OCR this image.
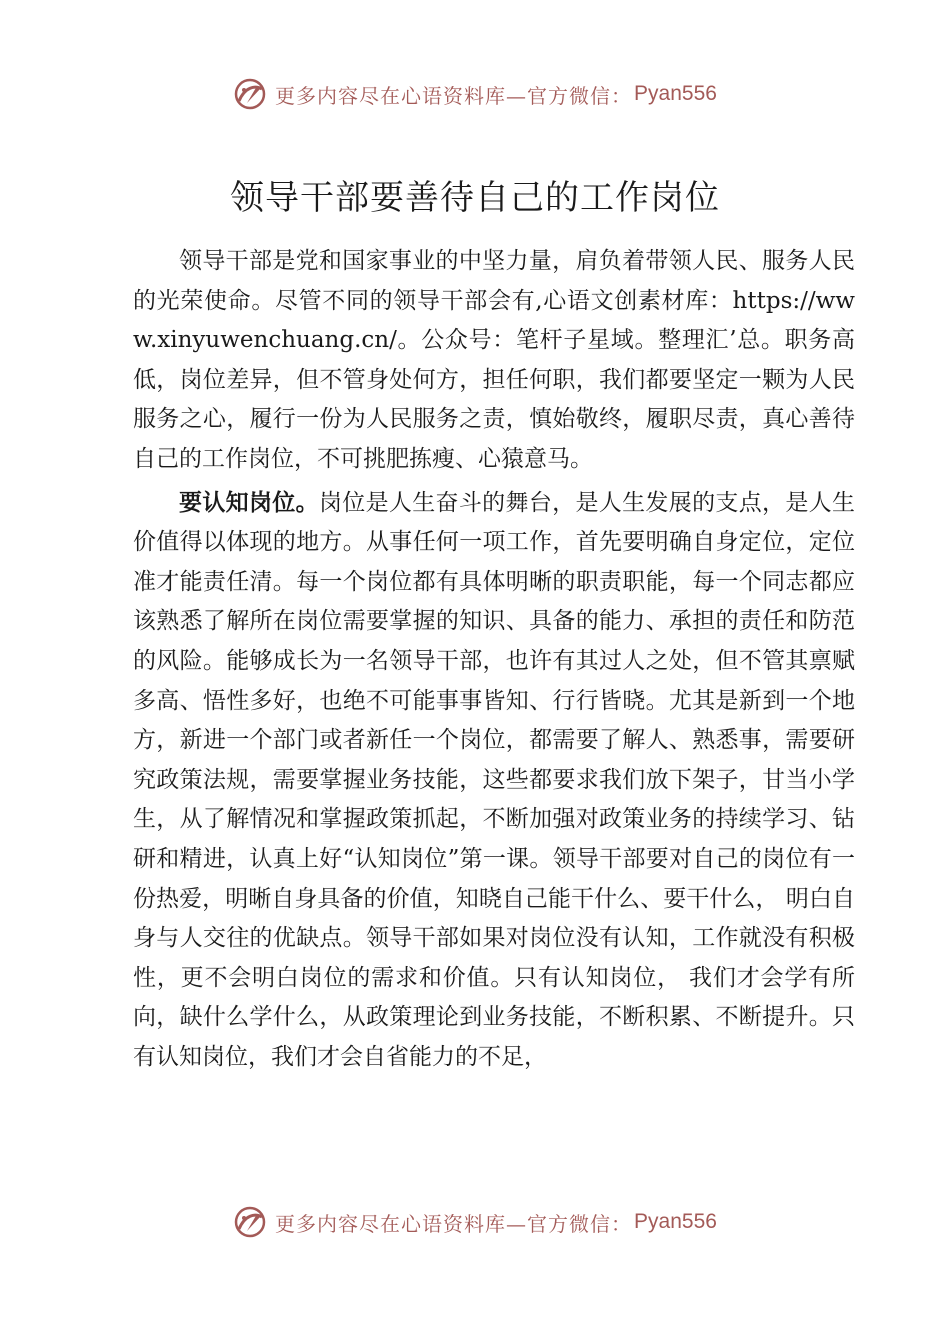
更多内容尽在心语资料库—官方微信： Pyan556
领导干部要善待自己的工作岗位

领导干部是党和国家事业的中坚力量，肩负着带领人民、服务人民的光荣使命。尽管不同的领导干部会有,心语文创素材库：https://www.xinyuwenchuang.cn/。公众号：笔杆子星域。整理汇’总。职务高低，岗位差异，但不管身处何方，担任何职，我们都要坚定一颗为人民服务之心，履行一份为人民服务之责，慎始敬终，履职尽责，真心善待自己的工作岗位，不可挑肥拣瘦、心猿意马。

要认知岗位。岗位是人生奋斗的舞台，是人生发展的支点，是人生价值得以体现的地方。从事任何一项工作，首先要明确自身定位，定位准才能责任清。每一个岗位都有具体明晰的职责职能，每一个同志都应该熟悉了解所在岗位需要掌握的知识、具备的能力、承担的责任和防范的风险。能够成长为一名领导干部，也许有其过人之处，但不管其禀赋多高、悟性多好，也绝不可能事事皆知、行行皆晓。尤其是新到一个地方，新进一个部门或者新任一个岗位，都需要了解人、熟悉事，需要研究政策法规，需要掌握业务技能，这些都要求我们放下架子，甘当小学生，从了解情况和掌握政策抓起，不断加强对政策业务的持续学习、钻研和精进，认真上好“认知岗位”第一课。领导干部要对自己的岗位有一份热爱，明晰自身具备的价值，知晓自己能干什么、要干什么， 明白自身与人交往的优缺点。领导干部如果对岗位没有认知，工作就没有积极性，更不会明白岗位的需求和价值。只有认知岗位， 我们才会学有所向，缺什么学什么，从政策理论到业务技能，不断积累、不断提升。只有认知岗位，我们才会自省能力的不足，

更多内容尽在心语资料库—官方微信： Pyan556
